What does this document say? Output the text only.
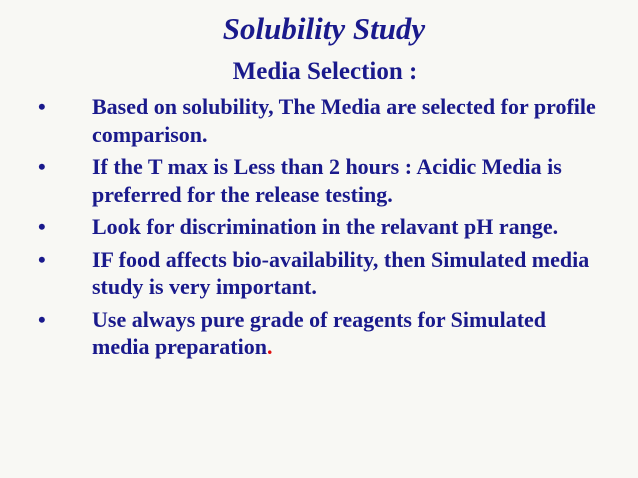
Solubility Study
Media Selection :
• Based on solubility, The Media are selected for profile comparison.
• If the T max is Less than 2 hours : Acidic Media is preferred for the release testing.
• Look for discrimination in the relavant pH range.
• IF food affects bio-availability, then Simulated media study is very important.
• Use always pure grade of reagents for Simulated media preparation.
